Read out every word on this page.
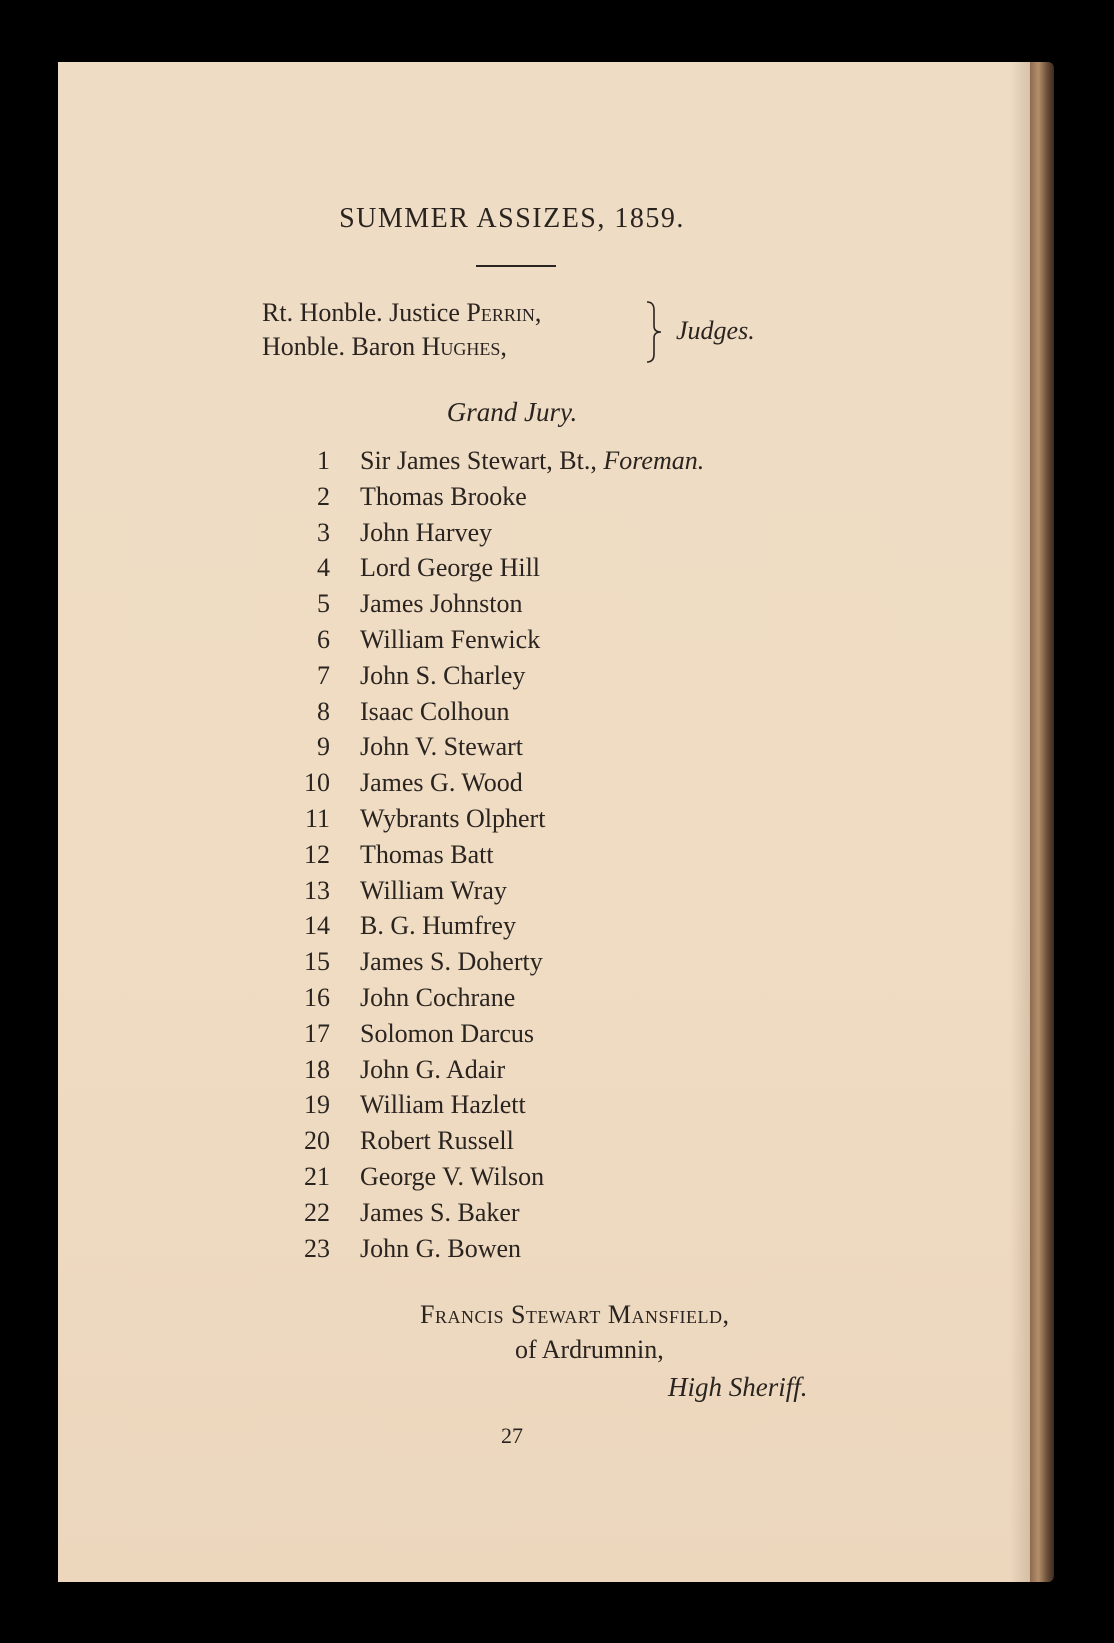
SUMMER ASSIZES, 1859.
Rt. Honble. Justice Perrin,
Honble. Baron Hughes,
Judges.
Grand Jury.
1 Sir James Stewart, Bt., Foreman.
2 Thomas Brooke
3 John Harvey
4 Lord George Hill
5 James Johnston
6 William Fenwick
7 John S. Charley
8 Isaac Colhoun
9 John V. Stewart
10 James G. Wood
11 Wybrants Olphert
12 Thomas Batt
13 William Wray
14 B. G. Humfrey
15 James S. Doherty
16 John Cochrane
17 Solomon Darcus
18 John G. Adair
19 William Hazlett
20 Robert Russell
21 George V. Wilson
22 James S. Baker
23 John G. Bowen
Francis Stewart Mansfield,
of Ardrumnin,
High Sheriff.
27
